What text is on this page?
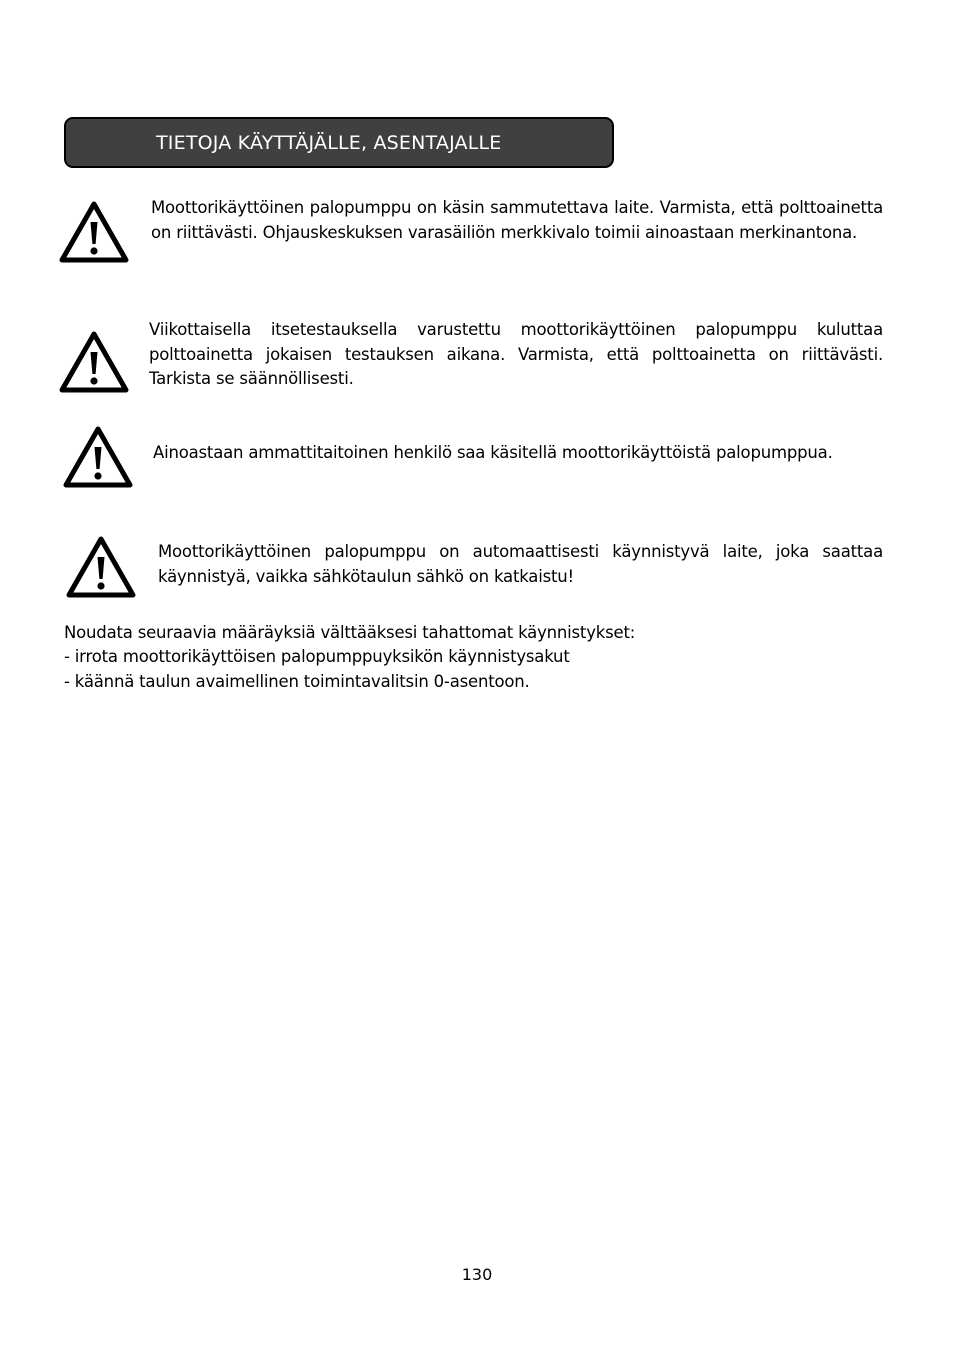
TIETOJA KÄYTTÄJÄLLE, ASENTAJALLE
Moottorikäyttöinen palopumppu on käsin sammutettava laite. Varmista, että polttoainetta on riittävästi. Ohjauskeskuksen varasäiliön merkkivalo toimii ainoastaan merkinantona.
Viikottaisella itsetestauksella varustettu moottorikäyttöinen palopumppu kuluttaa polttoainetta jokaisen testauksen aikana. Varmista, että polttoainetta on riittävästi. Tarkista se säännöllisesti.
Ainoastaan ammattitaitoinen henkilö saa käsitellä moottorikäyttöistä palopumppua.
Moottorikäyttöinen palopumppu on automaattisesti käynnistyvä laite, joka saattaa käynnistyä, vaikka sähkötaulun sähkö on katkaistu!
Noudata seuraavia määräyksiä välttääksesi tahattomat käynnistykset:
- irrota moottorikäyttöisen palopumppuyksikön käynnistysakut
- käännä taulun avaimellinen toimintavalitsin 0-asentoon.
130
